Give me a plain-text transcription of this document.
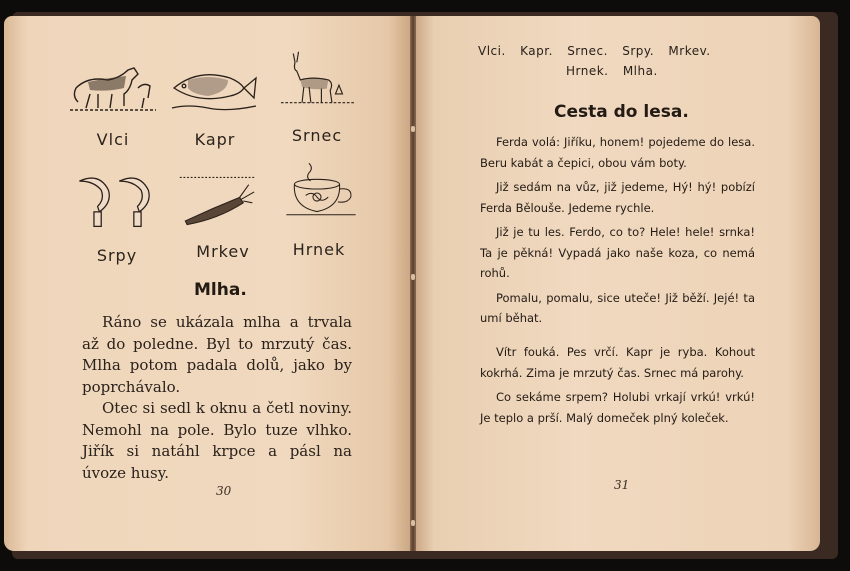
Vlci	Kapr	Srnec
Srpy	Mrkev	Hrnek
Mlha.

Ráno se ukázala mlha a trvala až do poledne. Byl to mrzutý čas. Mlha potom padala dolů, jako by poprchávalo.

Otec si sedl k oknu a četl noviny. Nemohl na pole. Bylo tuze vlhko. Jiřík si natáhl krpce a pásl na úvoze husy.

30
Vlci. Kapr. Srnec. Srpy. Mrkev.
Hrnek. Mlha.
Cesta do lesa.

Ferda volá: Jiříku, honem! pojedeme do lesa. Beru kabát a čepici, obou vám boty.

Již sedám na vůz, již jedeme, Hý! hý! pobízí Ferda Běloušе. Jedeme rychle.

Již je tu les. Ferdo, co to? Hele! hele! srnka! Ta je pěkná! Vypadá jako naše koza, co nemá rohů.

Pomalu, pomalu, sice uteče! Již běží. Jejé! ta umí běhat.

Vítr fouká. Pes vrčí. Kapr je ryba. Kohout kokrhá. Zima je mrzutý čas. Srnec má parohy.

Co sekáme srpem? Holubi vrkají vrkú! vrkú! Je teplo a prší. Malý domeček plný koleček.

31
